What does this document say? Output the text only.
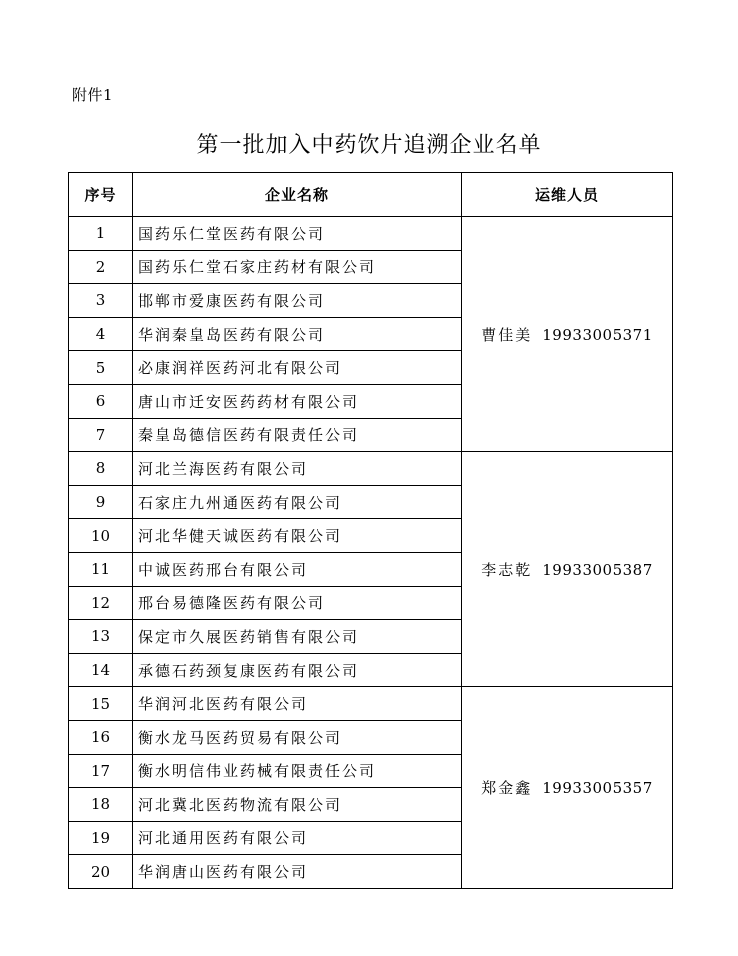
附件1
第一批加入中药饮片追溯企业名单
序号	企业名称	运维人员
1	国药乐仁堂医药有限公司	曹佳美 19933005371
2	国药乐仁堂石家庄药材有限公司	
3	邯郸市爱康医药有限公司	
4	华润秦皇岛医药有限公司	
5	必康润祥医药河北有限公司	
6	唐山市迁安医药药材有限公司	
7	秦皇岛德信医药有限责任公司	
8	河北兰海医药有限公司	李志乾 19933005387
9	石家庄九州通医药有限公司	
10	河北华健天诚医药有限公司	
11	中诚医药邢台有限公司	
12	邢台易德隆医药有限公司	
13	保定市久展医药销售有限公司	
14	承德石药颈复康医药有限公司	
15	华润河北医药有限公司	郑金鑫 19933005357
16	衡水龙马医药贸易有限公司	
17	衡水明信伟业药械有限责任公司	
18	河北冀北医药物流有限公司	
19	河北通用医药有限公司	
20	华润唐山医药有限公司	
